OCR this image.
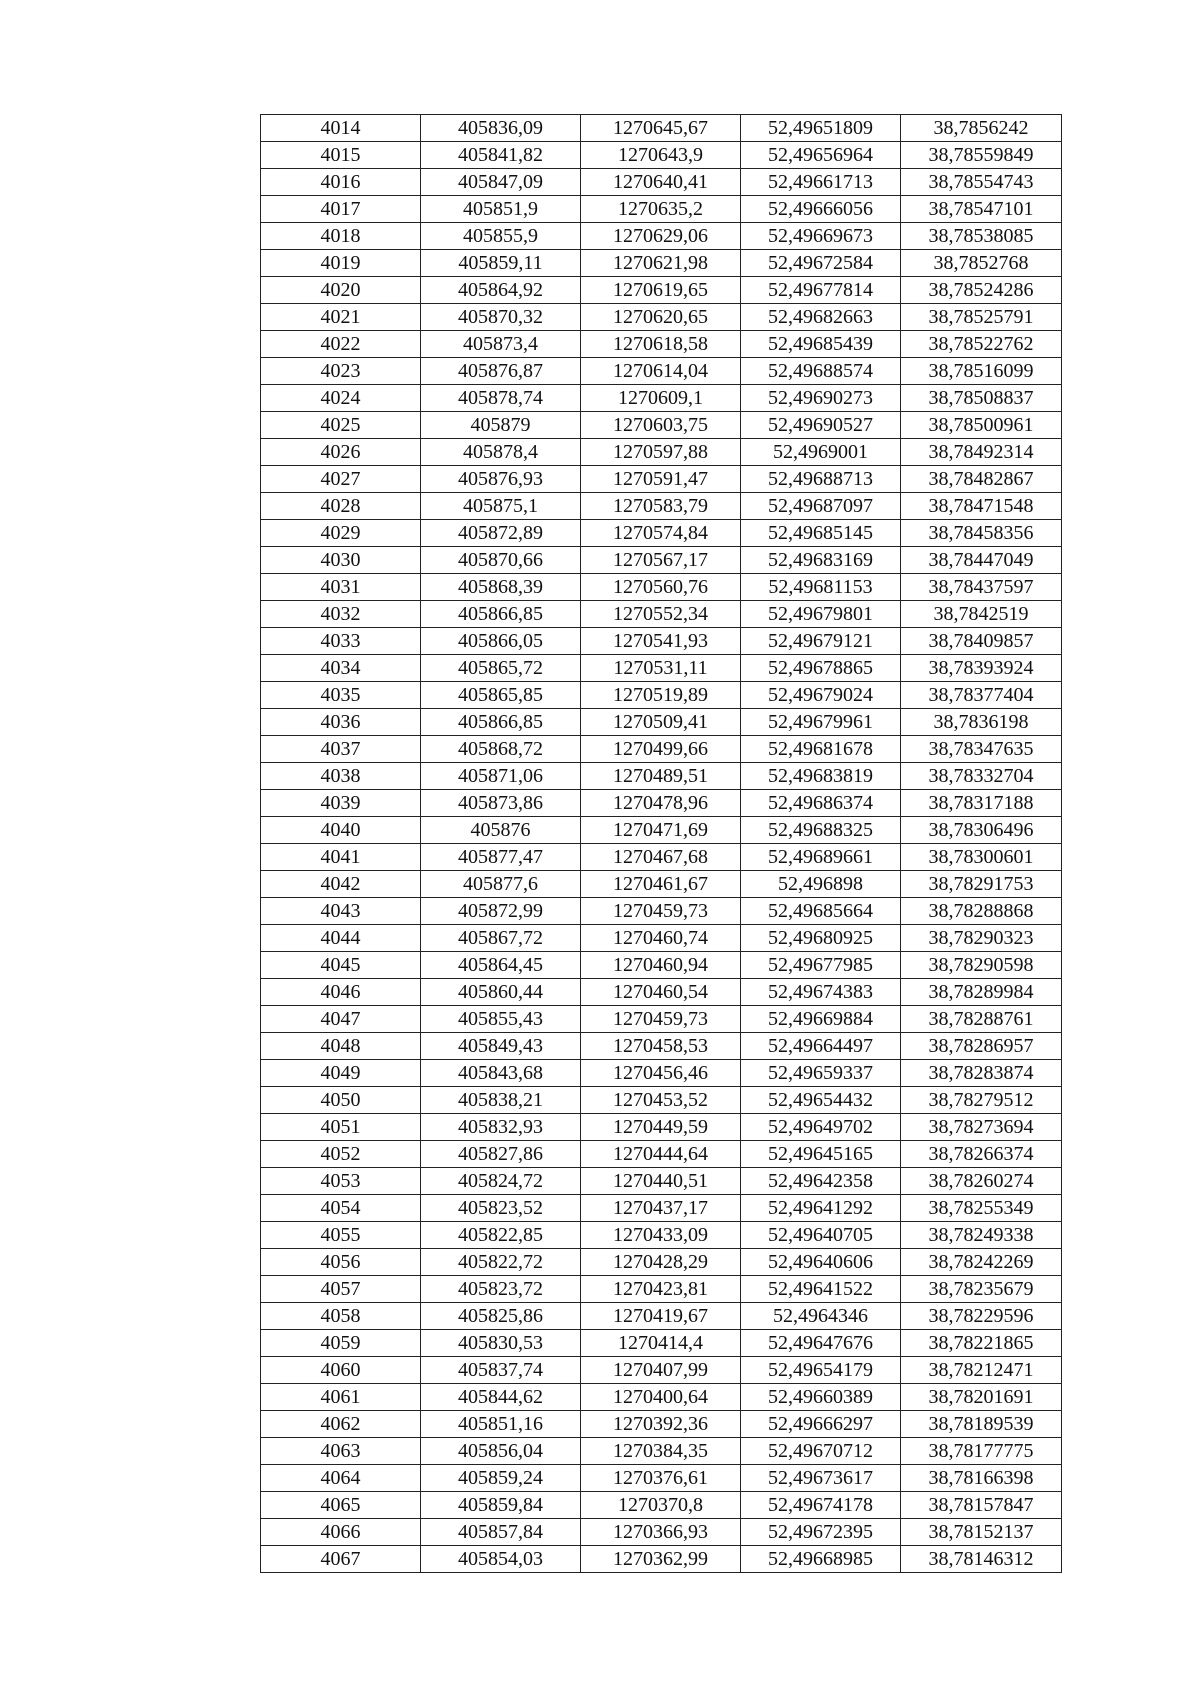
4014	405836,09	1270645,67	52,49651809	38,7856242
4015	405841,82	1270643,9	52,49656964	38,78559849
4016	405847,09	1270640,41	52,49661713	38,78554743
4017	405851,9	1270635,2	52,49666056	38,78547101
4018	405855,9	1270629,06	52,49669673	38,78538085
4019	405859,11	1270621,98	52,49672584	38,7852768
4020	405864,92	1270619,65	52,49677814	38,78524286
4021	405870,32	1270620,65	52,49682663	38,78525791
4022	405873,4	1270618,58	52,49685439	38,78522762
4023	405876,87	1270614,04	52,49688574	38,78516099
4024	405878,74	1270609,1	52,49690273	38,78508837
4025	405879	1270603,75	52,49690527	38,78500961
4026	405878,4	1270597,88	52,4969001	38,78492314
4027	405876,93	1270591,47	52,49688713	38,78482867
4028	405875,1	1270583,79	52,49687097	38,78471548
4029	405872,89	1270574,84	52,49685145	38,78458356
4030	405870,66	1270567,17	52,49683169	38,78447049
4031	405868,39	1270560,76	52,49681153	38,78437597
4032	405866,85	1270552,34	52,49679801	38,7842519
4033	405866,05	1270541,93	52,49679121	38,78409857
4034	405865,72	1270531,11	52,49678865	38,78393924
4035	405865,85	1270519,89	52,49679024	38,78377404
4036	405866,85	1270509,41	52,49679961	38,7836198
4037	405868,72	1270499,66	52,49681678	38,78347635
4038	405871,06	1270489,51	52,49683819	38,78332704
4039	405873,86	1270478,96	52,49686374	38,78317188
4040	405876	1270471,69	52,49688325	38,78306496
4041	405877,47	1270467,68	52,49689661	38,78300601
4042	405877,6	1270461,67	52,496898	38,78291753
4043	405872,99	1270459,73	52,49685664	38,78288868
4044	405867,72	1270460,74	52,49680925	38,78290323
4045	405864,45	1270460,94	52,49677985	38,78290598
4046	405860,44	1270460,54	52,49674383	38,78289984
4047	405855,43	1270459,73	52,49669884	38,78288761
4048	405849,43	1270458,53	52,49664497	38,78286957
4049	405843,68	1270456,46	52,49659337	38,78283874
4050	405838,21	1270453,52	52,49654432	38,78279512
4051	405832,93	1270449,59	52,49649702	38,78273694
4052	405827,86	1270444,64	52,49645165	38,78266374
4053	405824,72	1270440,51	52,49642358	38,78260274
4054	405823,52	1270437,17	52,49641292	38,78255349
4055	405822,85	1270433,09	52,49640705	38,78249338
4056	405822,72	1270428,29	52,49640606	38,78242269
4057	405823,72	1270423,81	52,49641522	38,78235679
4058	405825,86	1270419,67	52,4964346	38,78229596
4059	405830,53	1270414,4	52,49647676	38,78221865
4060	405837,74	1270407,99	52,49654179	38,78212471
4061	405844,62	1270400,64	52,49660389	38,78201691
4062	405851,16	1270392,36	52,49666297	38,78189539
4063	405856,04	1270384,35	52,49670712	38,78177775
4064	405859,24	1270376,61	52,49673617	38,78166398
4065	405859,84	1270370,8	52,49674178	38,78157847
4066	405857,84	1270366,93	52,49672395	38,78152137
4067	405854,03	1270362,99	52,49668985	38,78146312
